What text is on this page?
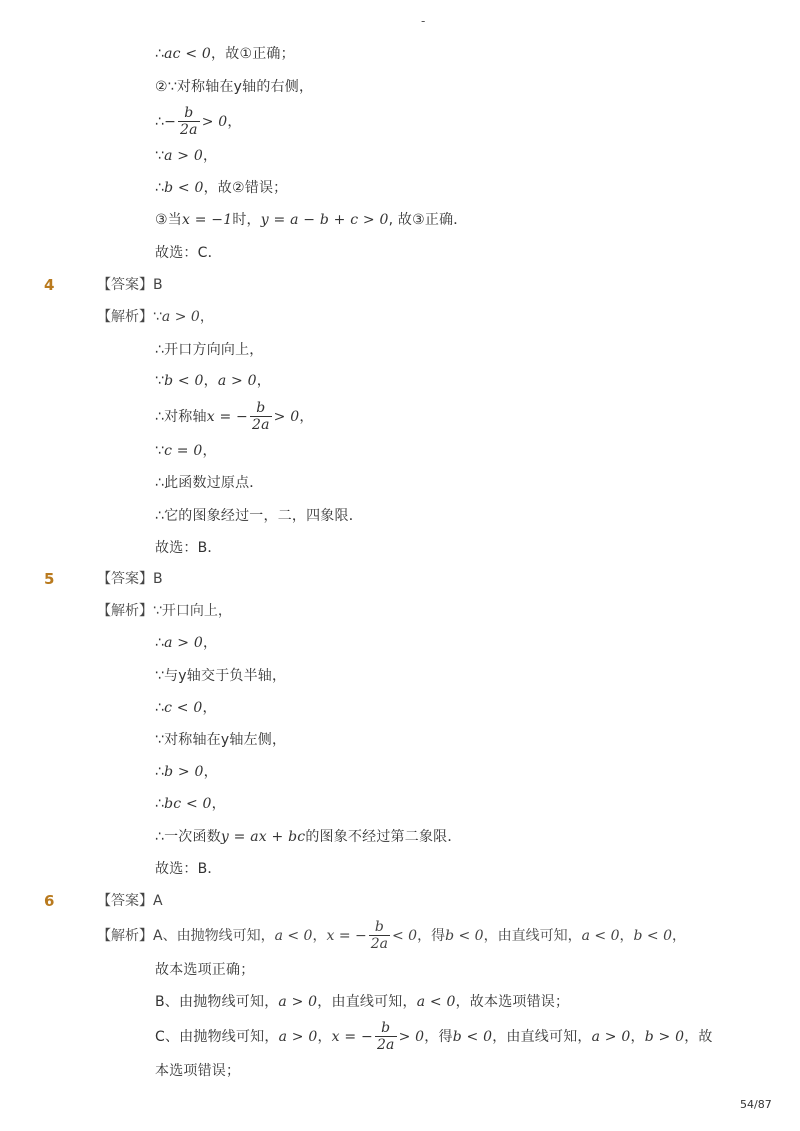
-
∴ac < 0，故①正确；
②∵对称轴在y轴的右侧，
∴− $\frac{b}{2a} > 0$，
∵a > 0，
∴b < 0，故②错误；
③当x = −1时，y = a − b + c > 0, 故③正确．
故选：C．
4	【答案】B
【解析】∵a > 0，
∴开口方向向上，
∵b < 0，a > 0，
∴对称轴x = − $\frac{b}{2a} > 0$，
∵c = 0，
∴此函数过原点．
∴它的图象经过一，二，四象限．
故选：B．
5	【答案】B
【解析】∵开口向上，
∴a > 0，
∵与y轴交于负半轴，
∴c < 0，
∵对称轴在y轴左侧，
∴b > 0，
∴bc < 0，
∴一次函数y = ax + bc的图象不经过第二象限．
故选：B．
6	【答案】A
【解析】A、由抛物线可知，a < 0，x = − $\frac{b}{2a} < 0$，得b < 0，由直线可知，a < 0，b < 0，
故本选项正确；
B、由抛物线可知，a > 0，由直线可知，a < 0，故本选项错误；
C、由抛物线可知，a > 0，x = − $\frac{b}{2a} > 0$，得b < 0，由直线可知，a > 0，b > 0，故
本选项错误；
54/87
